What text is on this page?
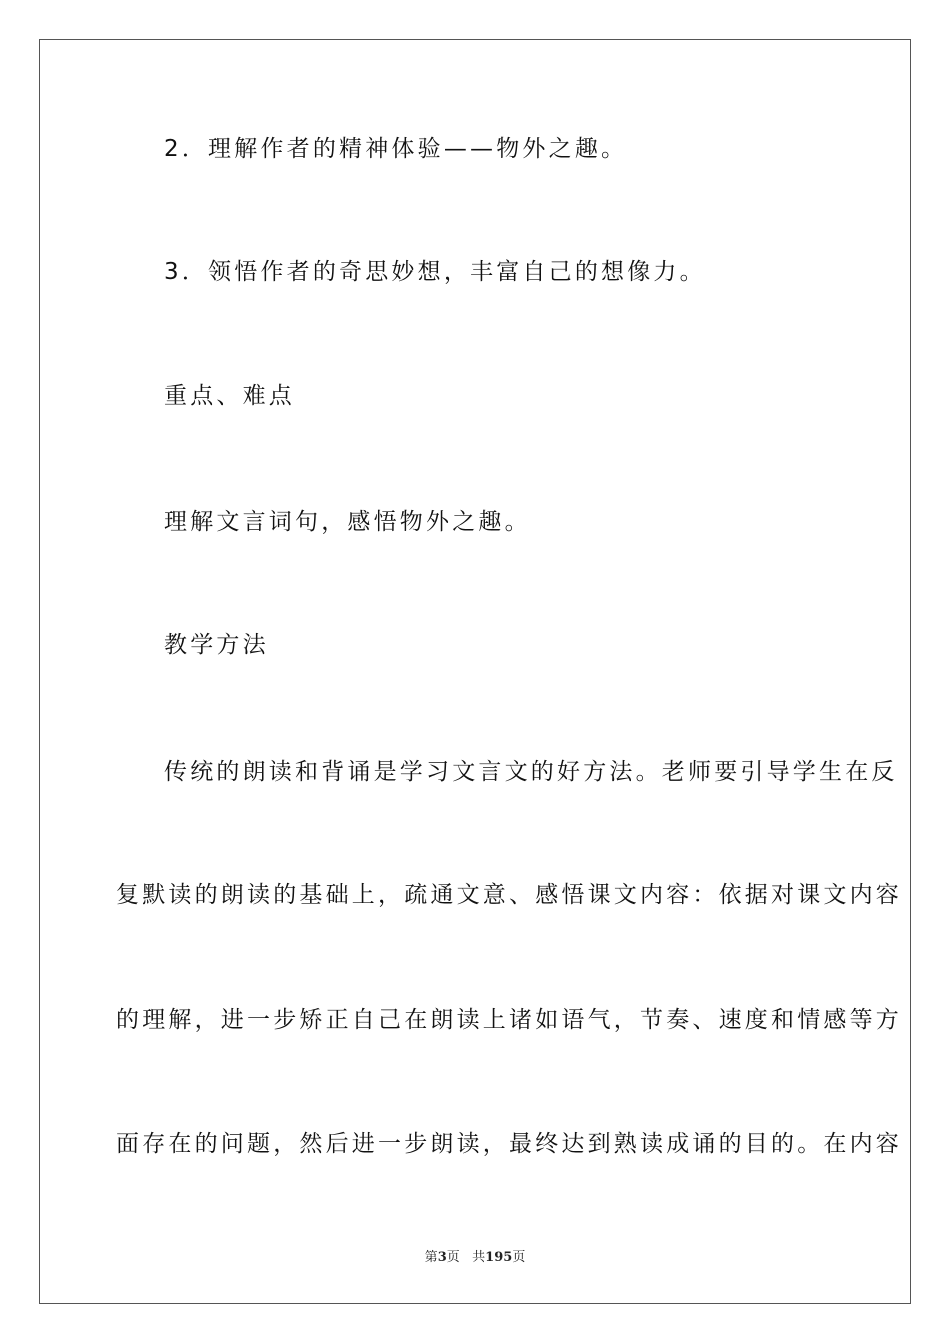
2．理解作者的精神体验——物外之趣。
3．领悟作者的奇思妙想，丰富自己的想像力。
重点、难点
理解文言词句，感悟物外之趣。
教学方法
传统的朗读和背诵是学习文言文的好方法。老师要引导学生在反
复默读的朗读的基础上，疏通文意、感悟课文内容：依据对课文内容
的理解，进一步矫正自己在朗读上诸如语气，节奏、速度和情感等方
面存在的问题，然后进一步朗读，最终达到熟读成诵的目的。在内容
第3页 共195页
